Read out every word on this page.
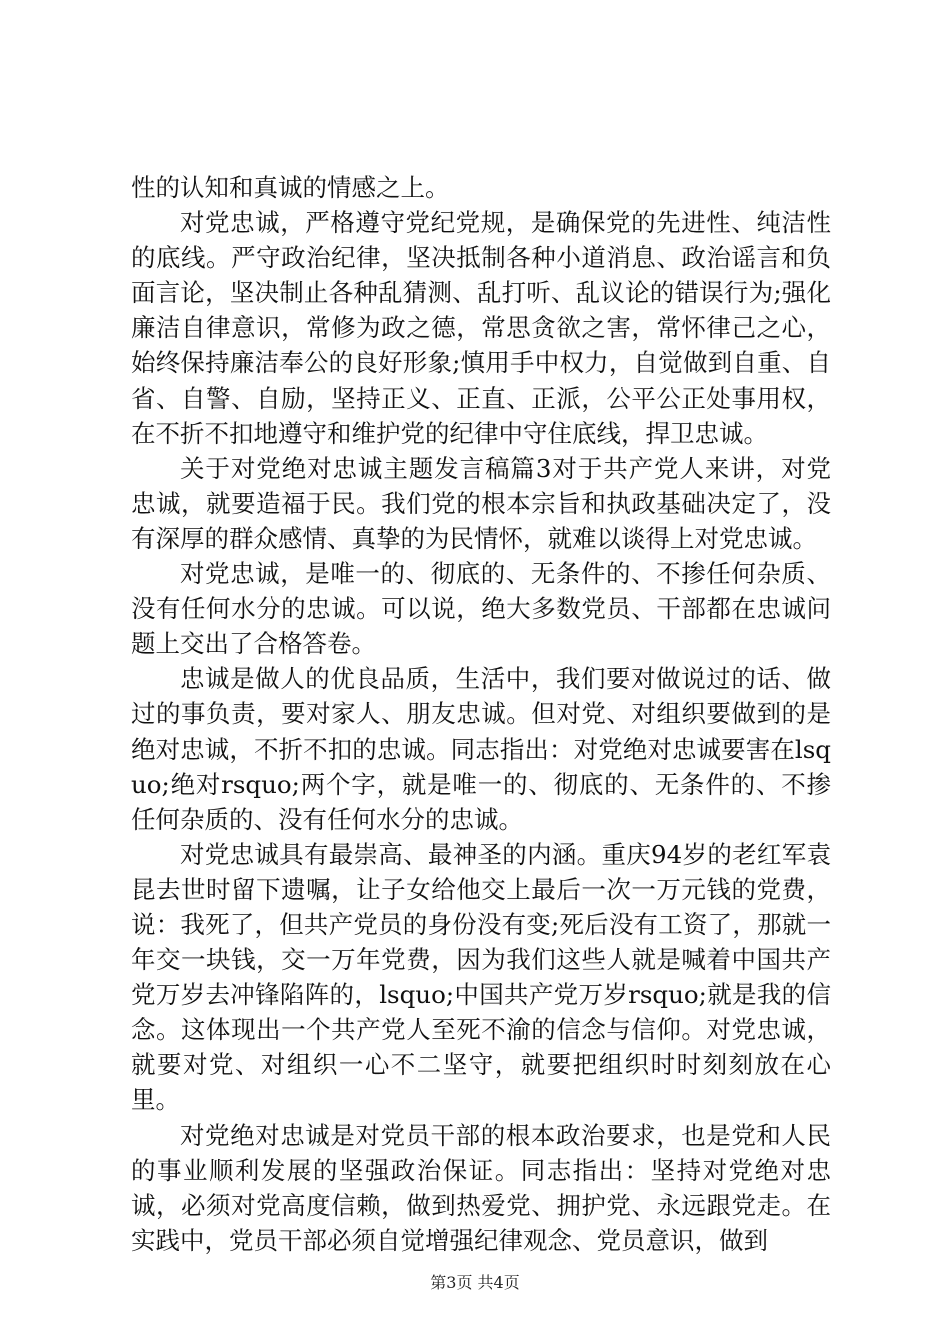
性的认知和真诚的情感之上。

对党忠诚，严格遵守党纪党规，是确保党的先进性、纯洁性的底线。严守政治纪律，坚决抵制各种小道消息、政治谣言和负面言论，坚决制止各种乱猜测、乱打听、乱议论的错误行为;强化廉洁自律意识，常修为政之德，常思贪欲之害，常怀律己之心，始终保持廉洁奉公的良好形象;慎用手中权力，自觉做到自重、自省、自警、自励，坚持正义、正直、正派，公平公正处事用权，在不折不扣地遵守和维护党的纪律中守住底线，捍卫忠诚。

关于对党绝对忠诚主题发言稿篇3对于共产党人来讲，对党忠诚，就要造福于民。我们党的根本宗旨和执政基础决定了，没有深厚的群众感情、真挚的为民情怀，就难以谈得上对党忠诚。

对党忠诚，是唯一的、彻底的、无条件的、不掺任何杂质、没有任何水分的忠诚。可以说，绝大多数党员、干部都在忠诚问题上交出了合格答卷。

忠诚是做人的优良品质，生活中，我们要对做说过的话、做过的事负责，要对家人、朋友忠诚。但对党、对组织要做到的是绝对忠诚，不折不扣的忠诚。同志指出：对党绝对忠诚要害在lsquo;绝对rsquo;两个字，就是唯一的、彻底的、无条件的、不掺任何杂质的、没有任何水分的忠诚。

对党忠诚具有最崇高、最神圣的内涵。重庆94岁的老红军袁昆去世时留下遗嘱，让子女给他交上最后一次一万元钱的党费，说：我死了，但共产党员的身份没有变;死后没有工资了，那就一年交一块钱，交一万年党费，因为我们这些人就是喊着中国共产党万岁去冲锋陷阵的，lsquo;中国共产党万岁rsquo;就是我的信念。这体现出一个共产党人至死不渝的信念与信仰。对党忠诚，就要对党、对组织一心不二坚守，就要把组织时时刻刻放在心里。

对党绝对忠诚是对党员干部的根本政治要求，也是党和人民的事业顺利发展的坚强政治保证。同志指出：坚持对党绝对忠诚，必须对党高度信赖，做到热爱党、拥护党、永远跟党走。在实践中，党员干部必须自觉增强纪律观念、党员意识，做到

第3页 共4页
